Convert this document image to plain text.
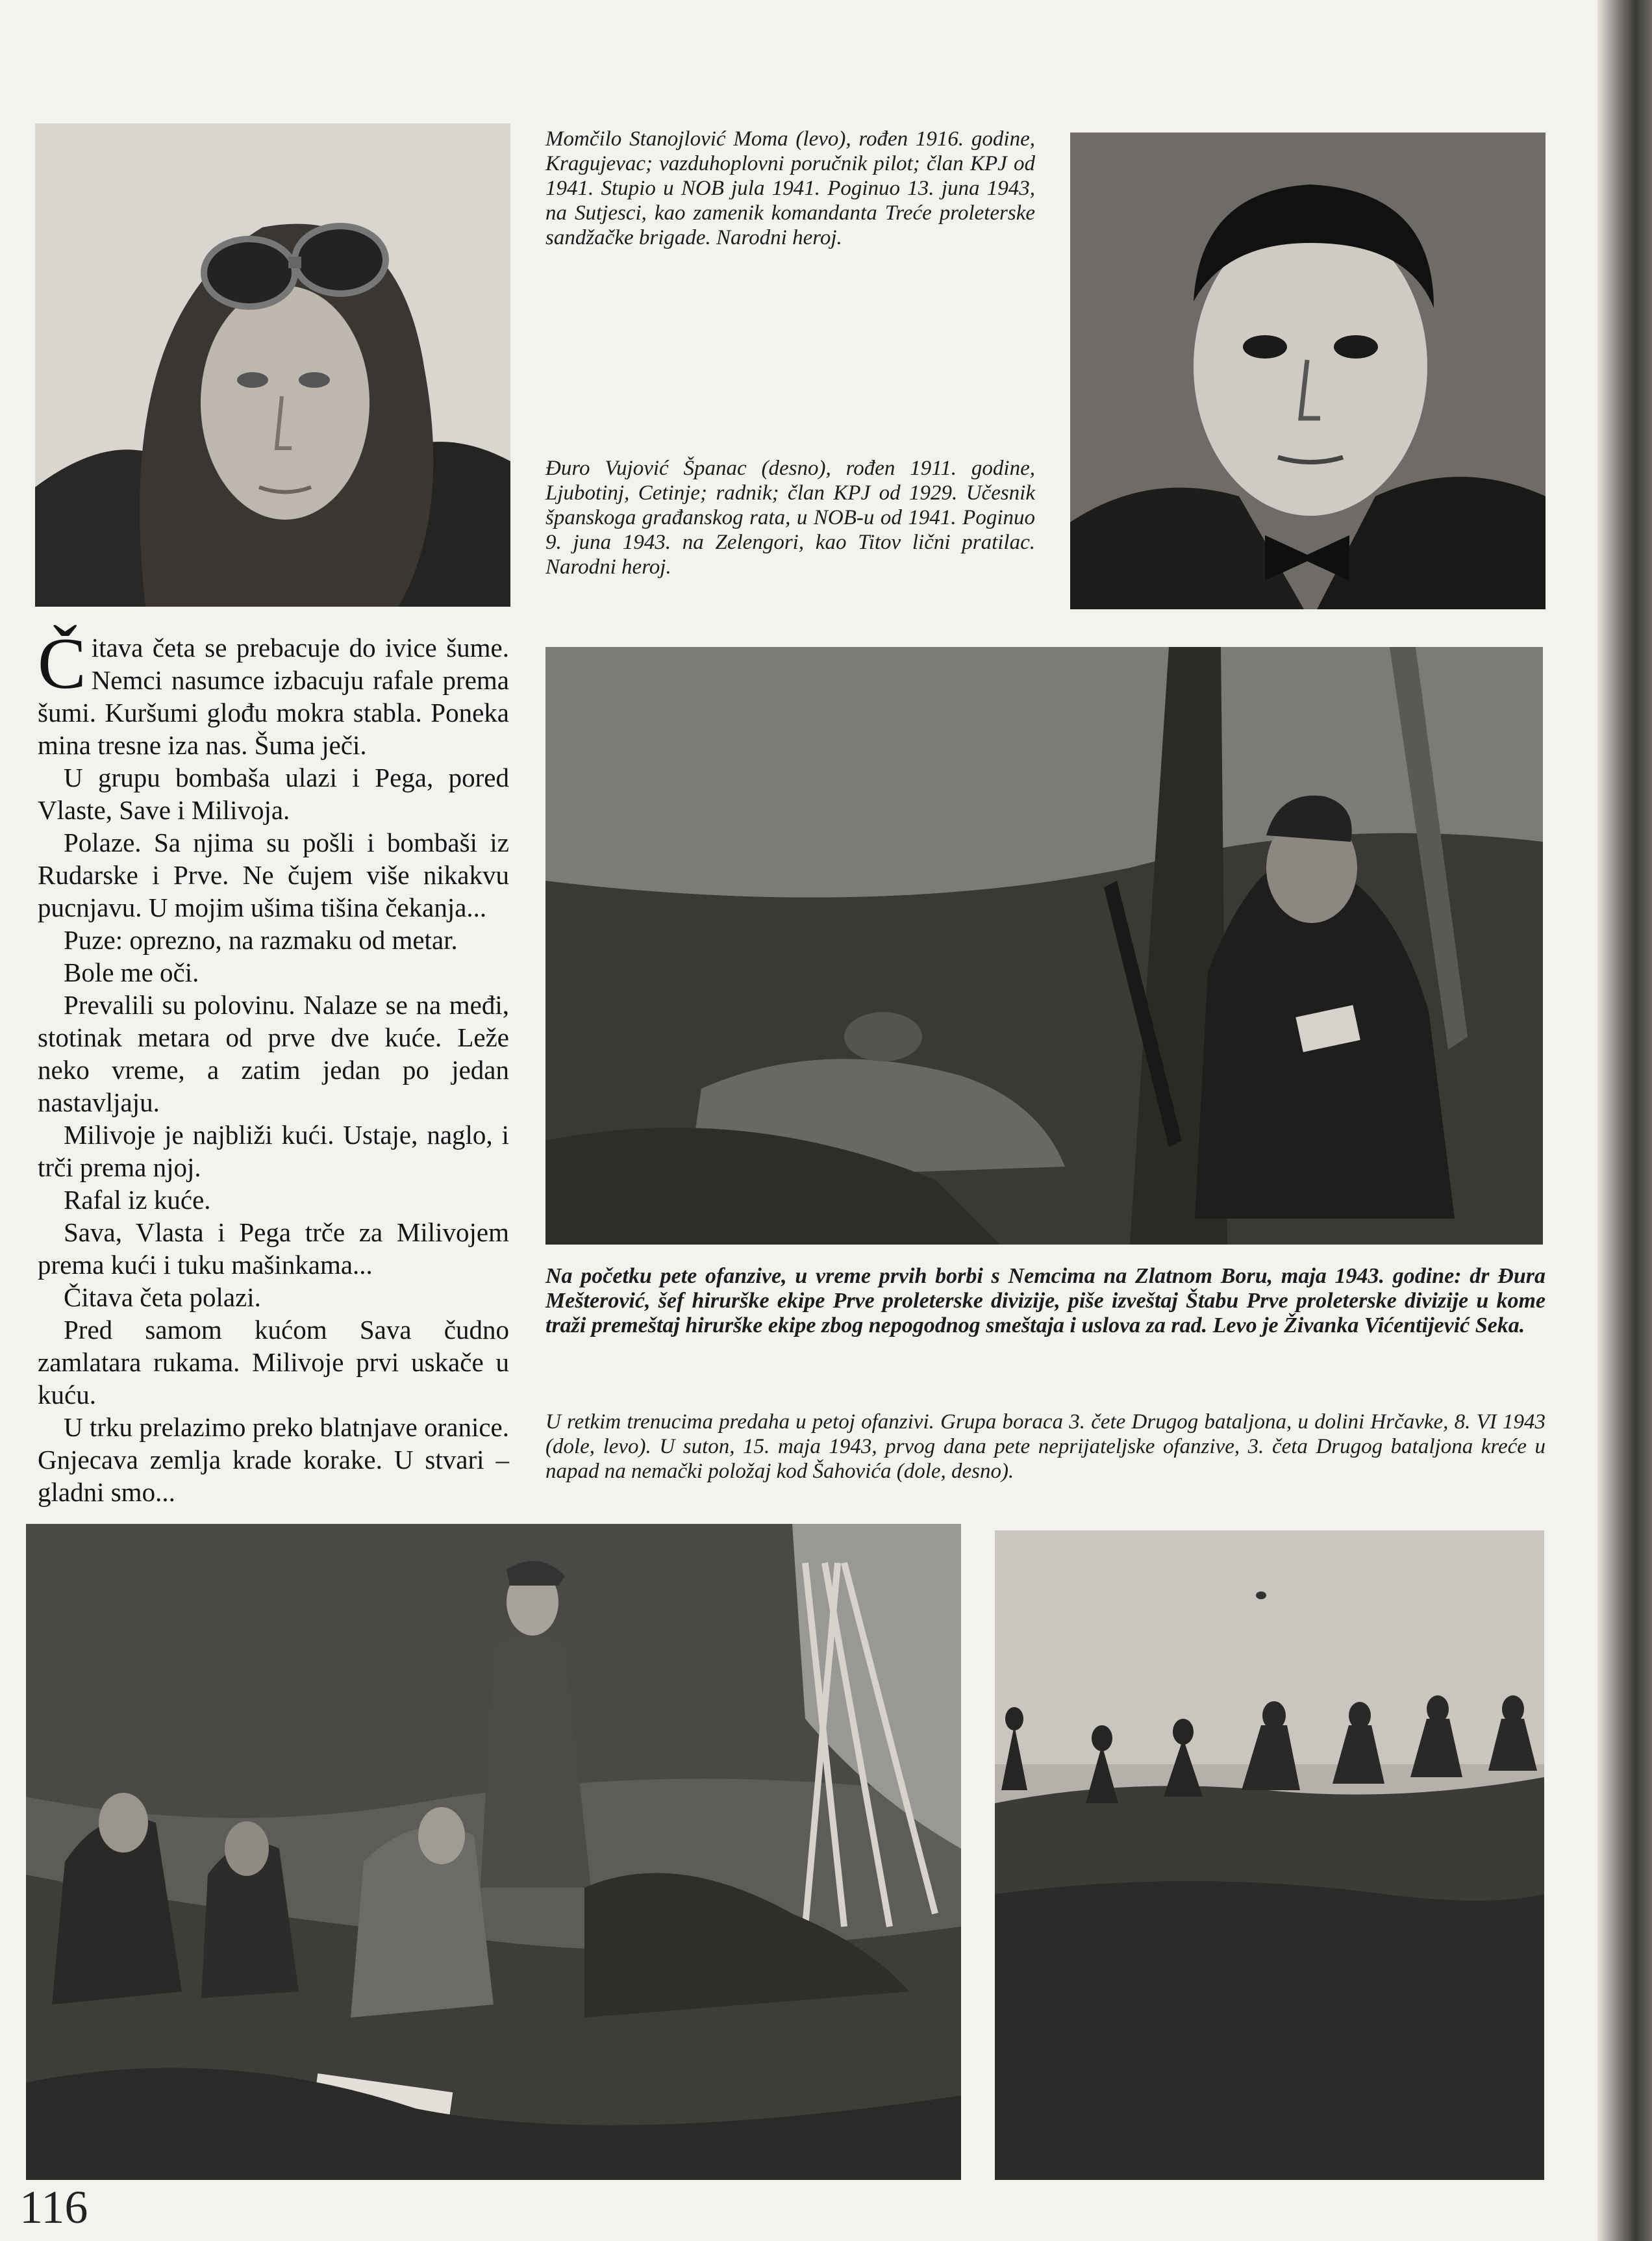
Momčilo Stanojlović Moma (levo), rođen 1916. godine, Kragujevac; vazduhoplovni poručnik pilot; član KPJ od 1941. Stupio u NOB jula 1941. Poginuo 13. juna 1943, na Sutjesci, kao zamenik komandanta Treće proleterske sandžačke brigade. Narodni heroj.

Đuro Vujović Španac (desno), rođen 1911. godine, Ljubotinj, Cetinje; radnik; član KPJ od 1929. Učesnik španskoga građanskog rata, u NOB-u od 1941. Poginuo 9. juna 1943. na Zelengori, kao Titov lični pratilac. Narodni heroj.

Čitava četa se prebacuje do ivice šume. Nemci nasumce izbacuju rafale prema šumi. Kuršumi glođu mokra stabla. Poneka mina tresne iza nas. Šuma ječi.

U grupu bombaša ulazi i Pega, pored Vlaste, Save i Milivoja.

Polaze. Sa njima su pošli i bombaši iz Rudarske i Prve. Ne čujem više nikakvu pucnjavu. U mojim ušima tišina čekanja...

Puze: oprezno, na razmaku od metar.

Bole me oči.

Prevalili su polovinu. Nalaze se na međi, stotinak metara od prve dve kuće. Leže neko vreme, a zatim jedan po jedan nastavljaju.

Milivoje je najbliži kući. Ustaje, naglo, i trči prema njoj.

Rafal iz kuće.

Sava, Vlasta i Pega trče za Milivojem prema kući i tuku mašinkama...

Čitava četa polazi.

Pred samom kućom Sava čudno zamlatara rukama. Milivoje prvi uskače u kuću.

U trku prelazimo preko blatnjave oranice. Gnjecava zemlja krade korake. U stvari – gladni smo...

Na početku pete ofanzive, u vreme prvih borbi s Nemcima na Zlatnom Boru, maja 1943. godine: dr Đura Mešterović, šef hirurške ekipe Prve proleterske divizije, piše izveštaj Štabu Prve proleterske divizije u kome traži premeštaj hirurške ekipe zbog nepogodnog smeštaja i uslova za rad. Levo je Živanka Vićentijević Seka.

U retkim trenucima predaha u petoj ofanzivi. Grupa boraca 3. čete Drugog bataljona, u dolini Hrčavke, 8. VI 1943 (dole, levo). U suton, 15. maja 1943, prvog dana pete neprijateljske ofanzive, 3. četa Drugog bataljona kreće u napad na nemački položaj kod Šahovića (dole, desno).

116
